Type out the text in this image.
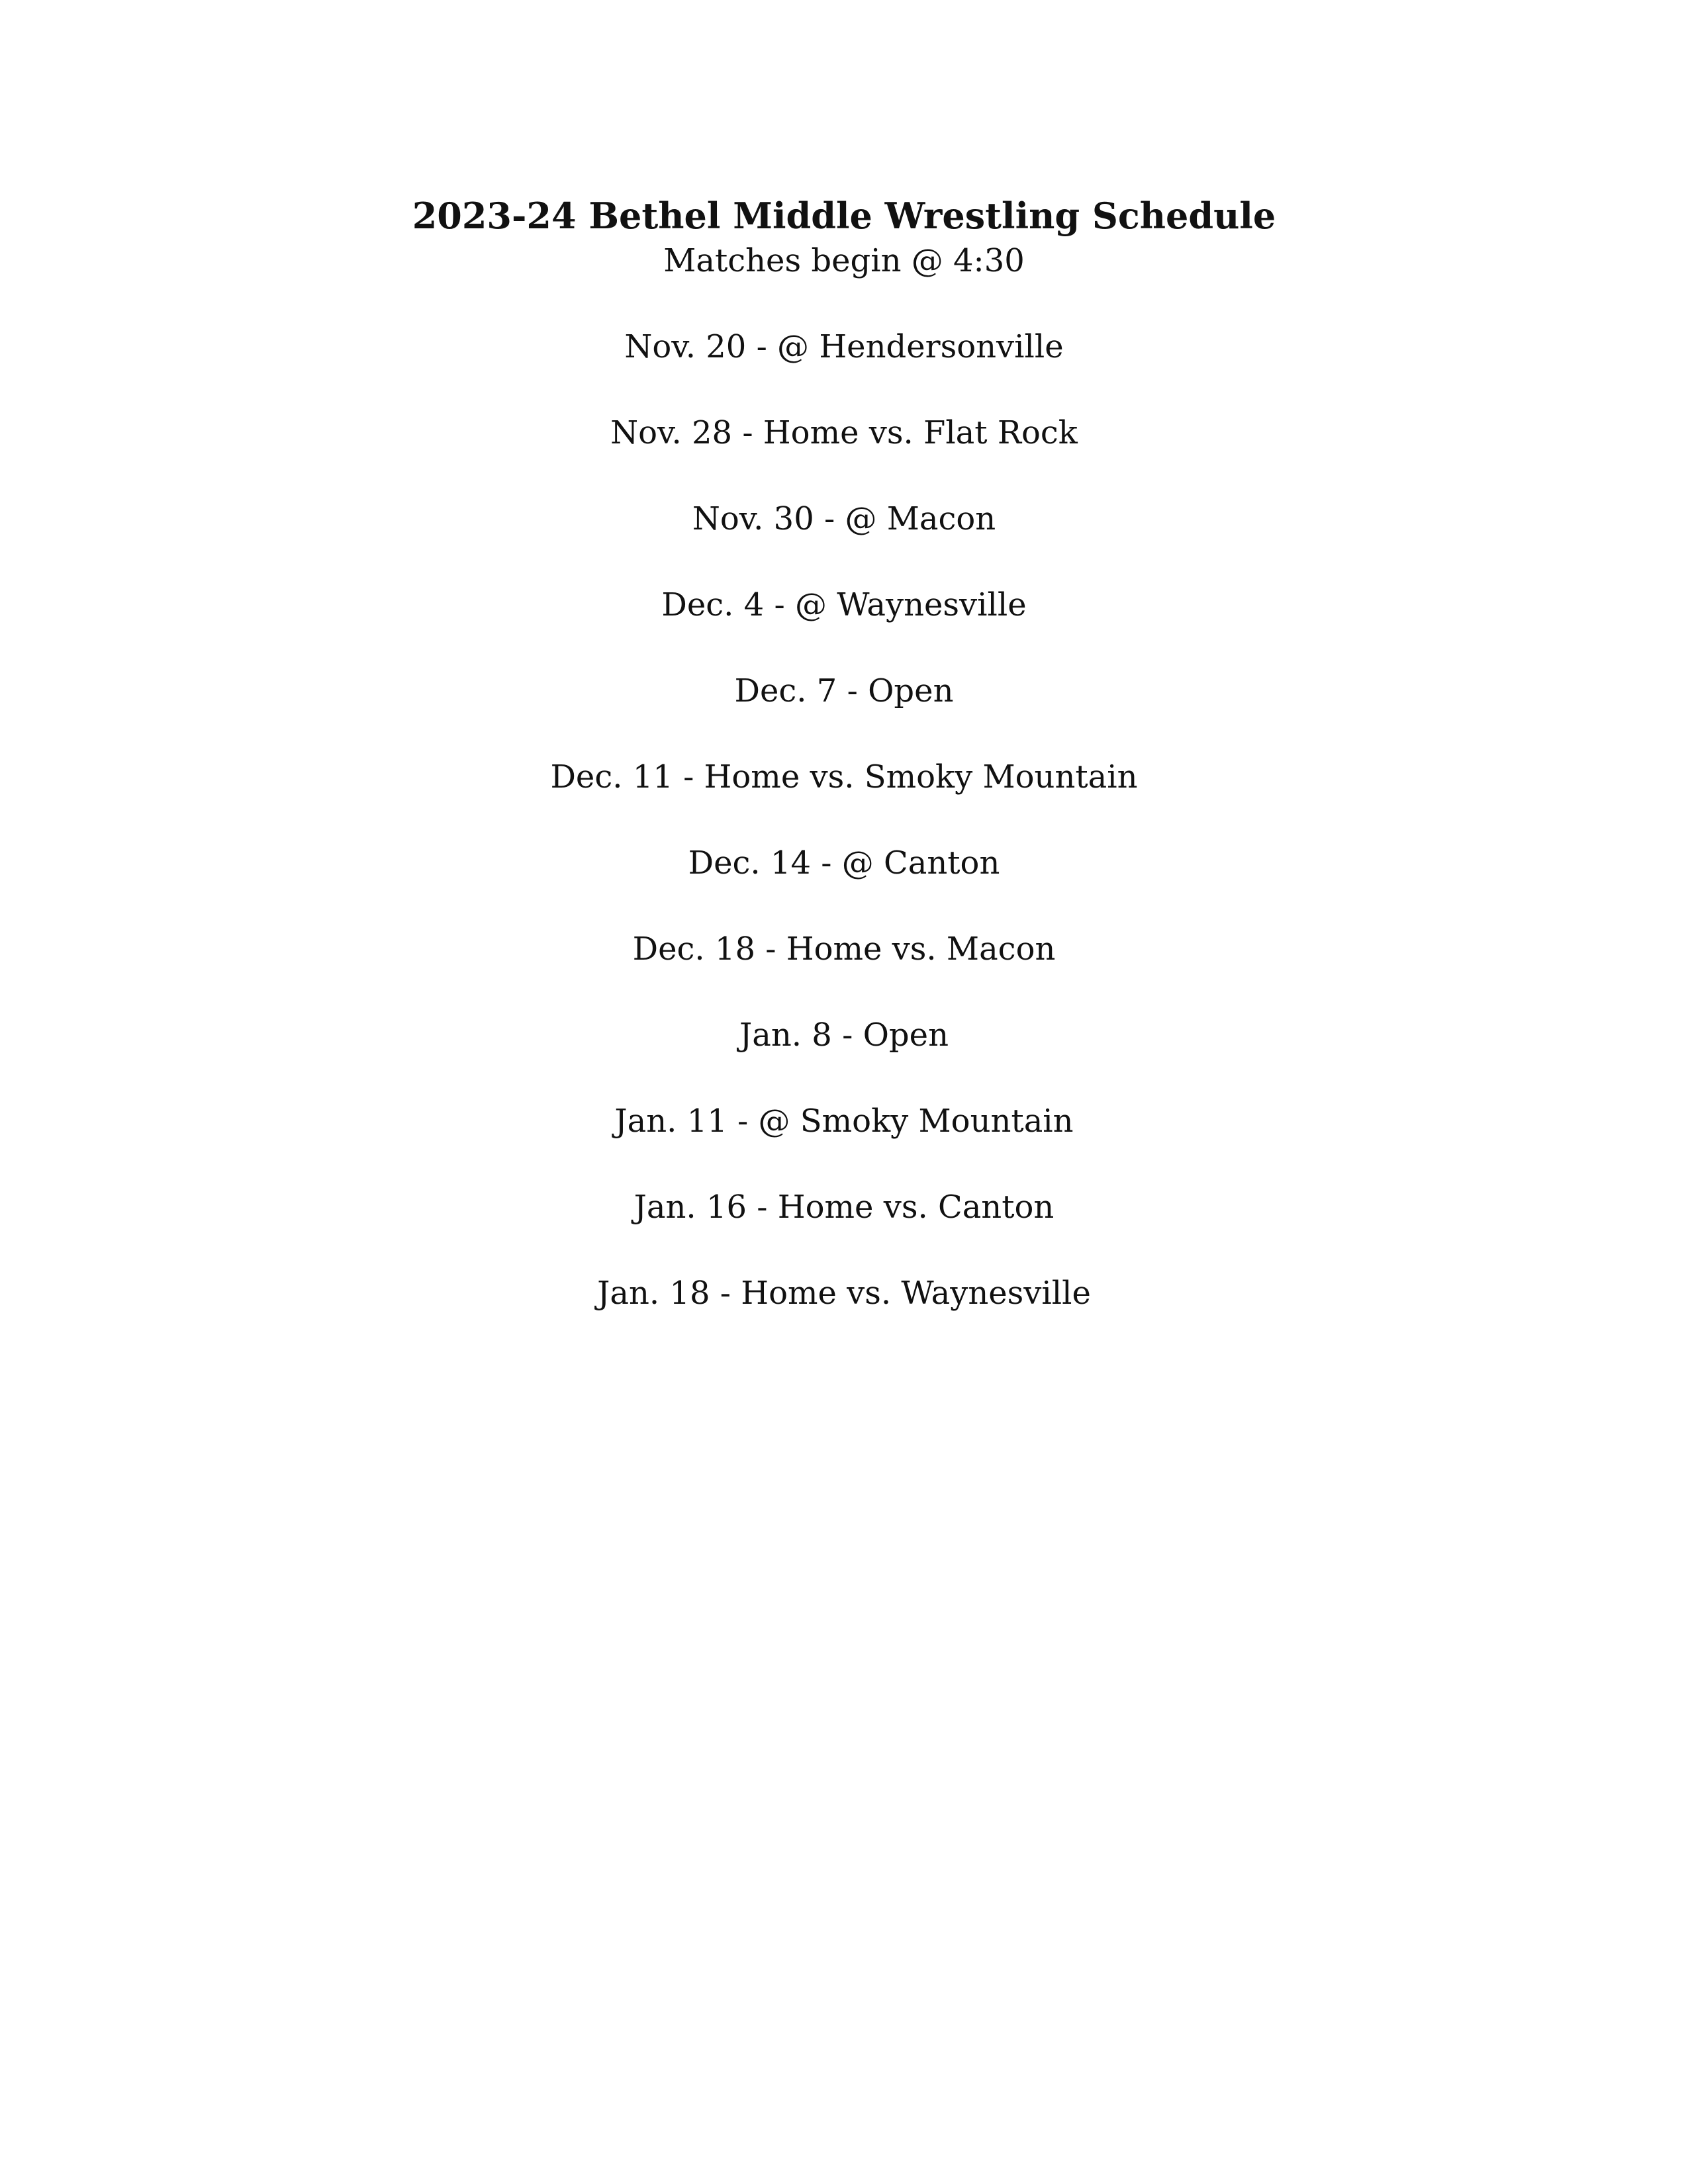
2023-24 Bethel Middle Wrestling Schedule

Matches begin @ 4:30

Nov. 20 - @ Hendersonville
Nov. 28 - Home vs. Flat Rock
Nov. 30 - @ Macon
Dec. 4 - @ Waynesville
Dec. 7 - Open
Dec. 11 - Home vs. Smoky Mountain
Dec. 14 - @ Canton
Dec. 18 - Home vs. Macon
Jan. 8 - Open
Jan. 11 - @ Smoky Mountain
Jan. 16 - Home vs. Canton
Jan. 18 - Home vs. Waynesville
